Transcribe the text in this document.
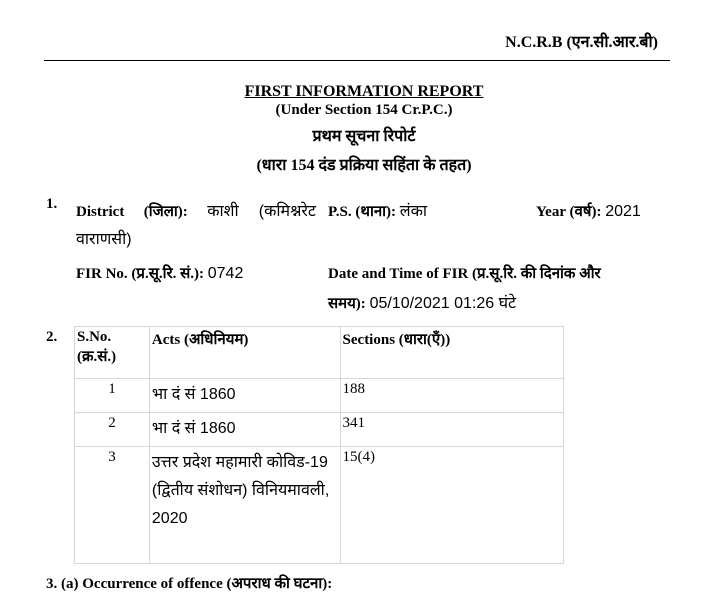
N.C.R.B (एन.सी.आर.बी)
FIRST INFORMATION REPORT
(Under Section 154 Cr.P.C.)
प्रथम सूचना रिपोर्ट
(धारा 154 दंड प्रक्रिया सहिंता के तहत)
1. District (जिला): काशी (कमिश्नरेट वाराणसी)
P.S. (थाना): लंका	Year (वर्ष): 2021
FIR No. (प्र.सू.रि. सं.): 0742	Date and Time of FIR (प्र.सू.रि. की दिनांक और समय): 05/10/2021 01:26 घंटे
2. S.No. (क्र.सं.)	Acts (अधिनियम)	Sections (धारा(एँ))
1	भा दं सं 1860	188
2	भा दं सं 1860	341
3	उत्तर प्रदेश महामारी कोविड-19 (द्वितीय संशोधन) विनियमावली, 2020	15(4)
3. (a) Occurrence of offence (अपराध की घटना):
